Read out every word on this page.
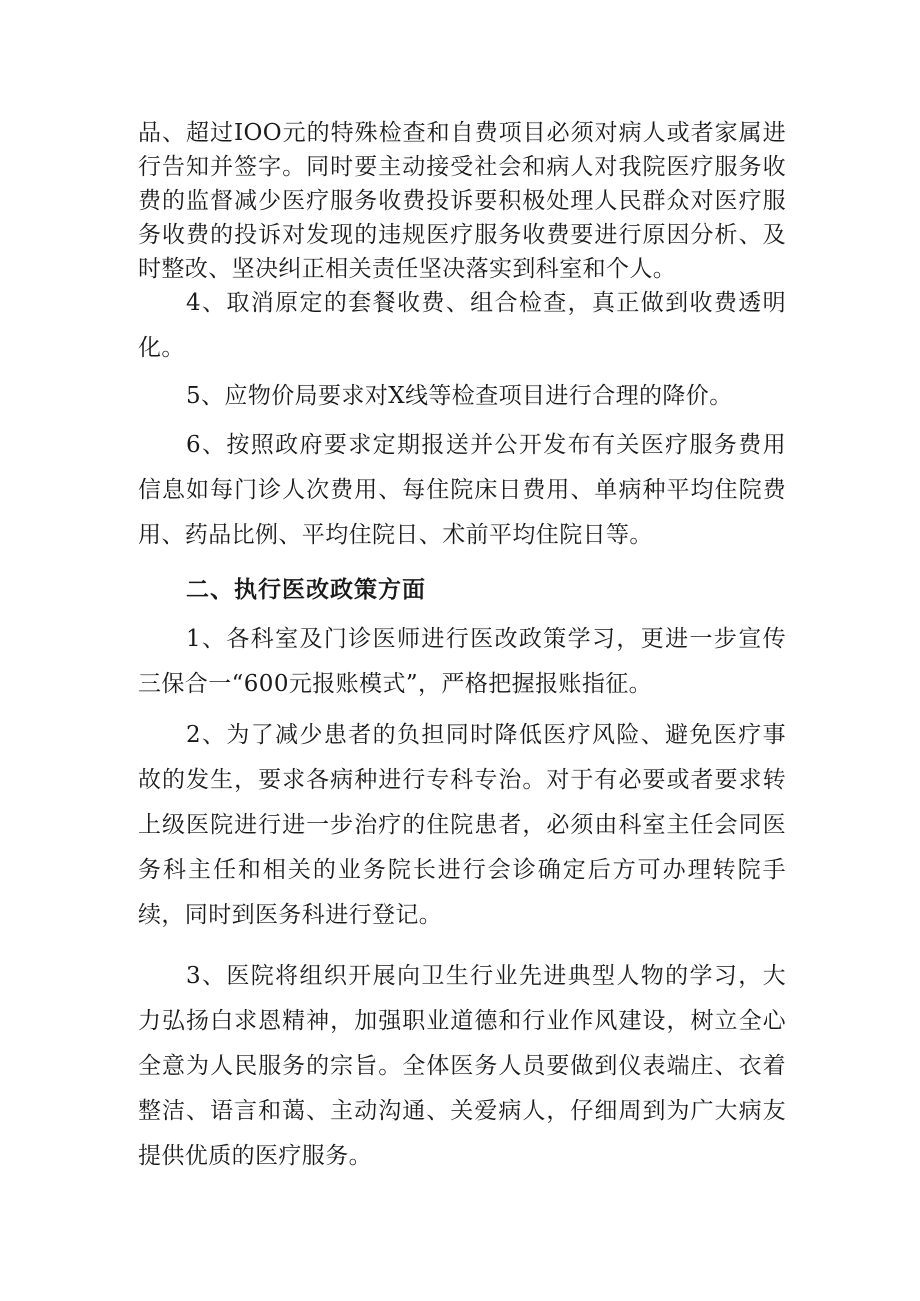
品、超过IOO元的特殊检查和自费项目必须对病人或者家属进行告知并签字。同时要主动接受社会和病人对我院医疗服务收费的监督减少医疗服务收费投诉要积极处理人民群众对医疗服务收费的投诉对发现的违规医疗服务收费要进行原因分析、及时整改、坚决纠正相关责任坚决落实到科室和个人。

4、取消原定的套餐收费、组合检查，真正做到收费透明化。

5、应物价局要求对X线等检查项目进行合理的降价。

6、按照政府要求定期报送并公开发布有关医疗服务费用信息如每门诊人次费用、每住院床日费用、单病种平均住院费用、药品比例、平均住院日、术前平均住院日等。

二、执行医改政策方面

1、各科室及门诊医师进行医改政策学习，更进一步宣传三保合一“600元报账模式”，严格把握报账指征。

2、为了减少患者的负担同时降低医疗风险、避免医疗事故的发生，要求各病种进行专科专治。对于有必要或者要求转上级医院进行进一步治疗的住院患者，必须由科室主任会同医务科主任和相关的业务院长进行会诊确定后方可办理转院手续，同时到医务科进行登记。

3、医院将组织开展向卫生行业先进典型人物的学习，大力弘扬白求恩精神，加强职业道德和行业作风建设，树立全心全意为人民服务的宗旨。全体医务人员要做到仪表端庄、衣着整洁、语言和蔼、主动沟通、关爱病人，仔细周到为广大病友提供优质的医疗服务。
